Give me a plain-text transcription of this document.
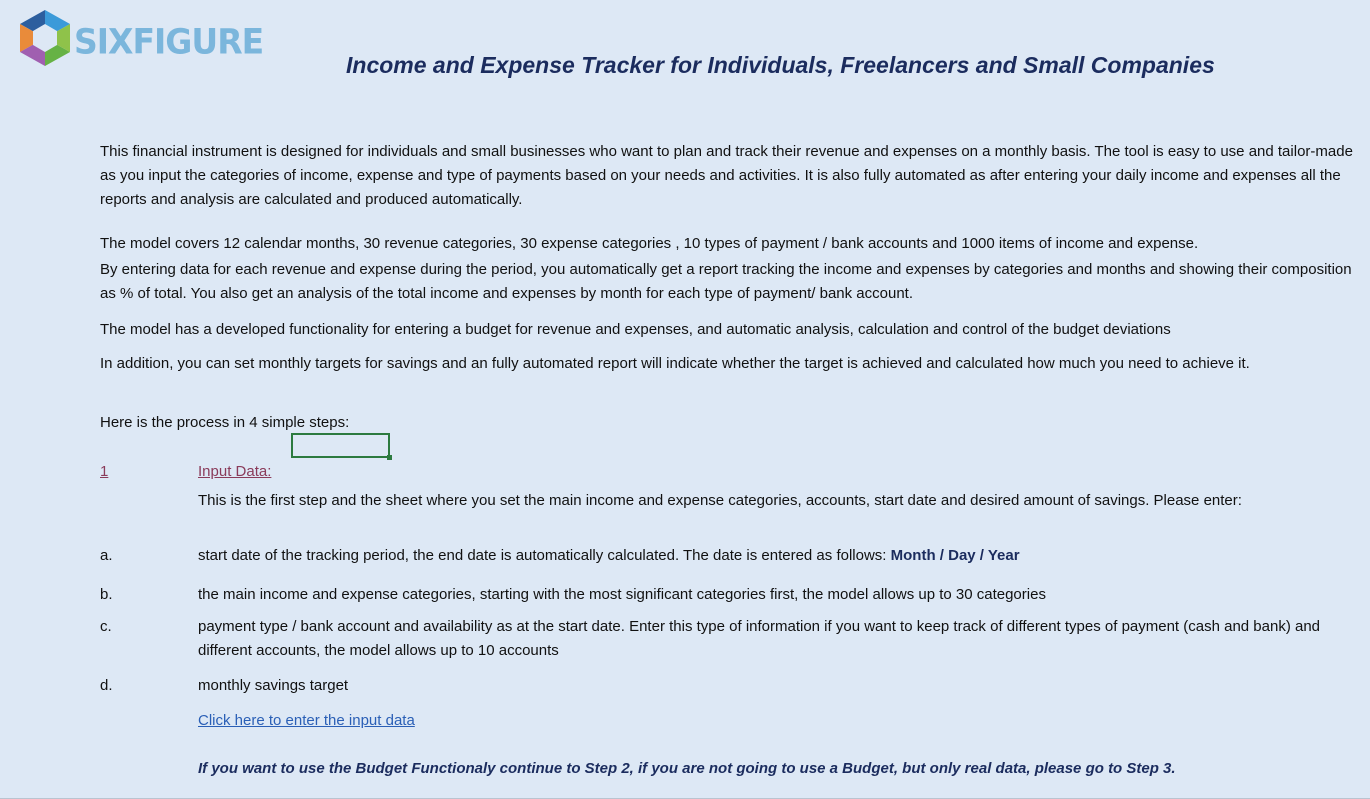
SIXFIGURE
Income and Expense Tracker for Individuals, Freelancers and Small Companies
This financial instrument is designed for individuals and small businesses who want to plan and track their revenue and expenses on a monthly basis. The tool is easy to use and tailor-made as you input the categories of income, expense and type of payments based on your needs and activities. It is also fully automated as after entering your daily income and expenses all the reports and analysis are calculated and produced automatically.
The model covers 12 calendar months, 30 revenue categories, 30 expense categories , 10 types of payment / bank accounts and 1000 items of income and expense.
By entering data for each revenue and expense during the period, you automatically get a report tracking the income and expenses by categories and months and showing their composition as % of total. You also get an analysis of the total income and expenses by month for each type of payment/ bank account.
The model has a developed functionality for entering a budget for revenue and expenses, and automatic analysis, calculation and control of the budget deviations
In addition, you can set monthly targets for savings and an fully automated report will indicate whether the target is achieved and calculated how much you need to achieve it.
Here is the process in 4 simple steps:
1	Input Data:
This is the first step and the sheet where you set the main income and expense categories, accounts, start date and desired amount of savings. Please enter:
a.	start date of the tracking period, the end date is automatically calculated. The date is entered as follows: Month / Day / Year
b.	the main income and expense categories, starting with the most significant categories first, the model allows up to 30 categories
c.	payment type / bank account and availability as at the start date. Enter this type of information if you want to keep track of different types of payment (cash and bank) and different accounts, the model allows up to 10 accounts
d.	monthly savings target
Click here to enter the input data
If you want to use the Budget Functionaly continue to Step 2, if you are not going to use a Budget, but only real data, please go to Step 3.
